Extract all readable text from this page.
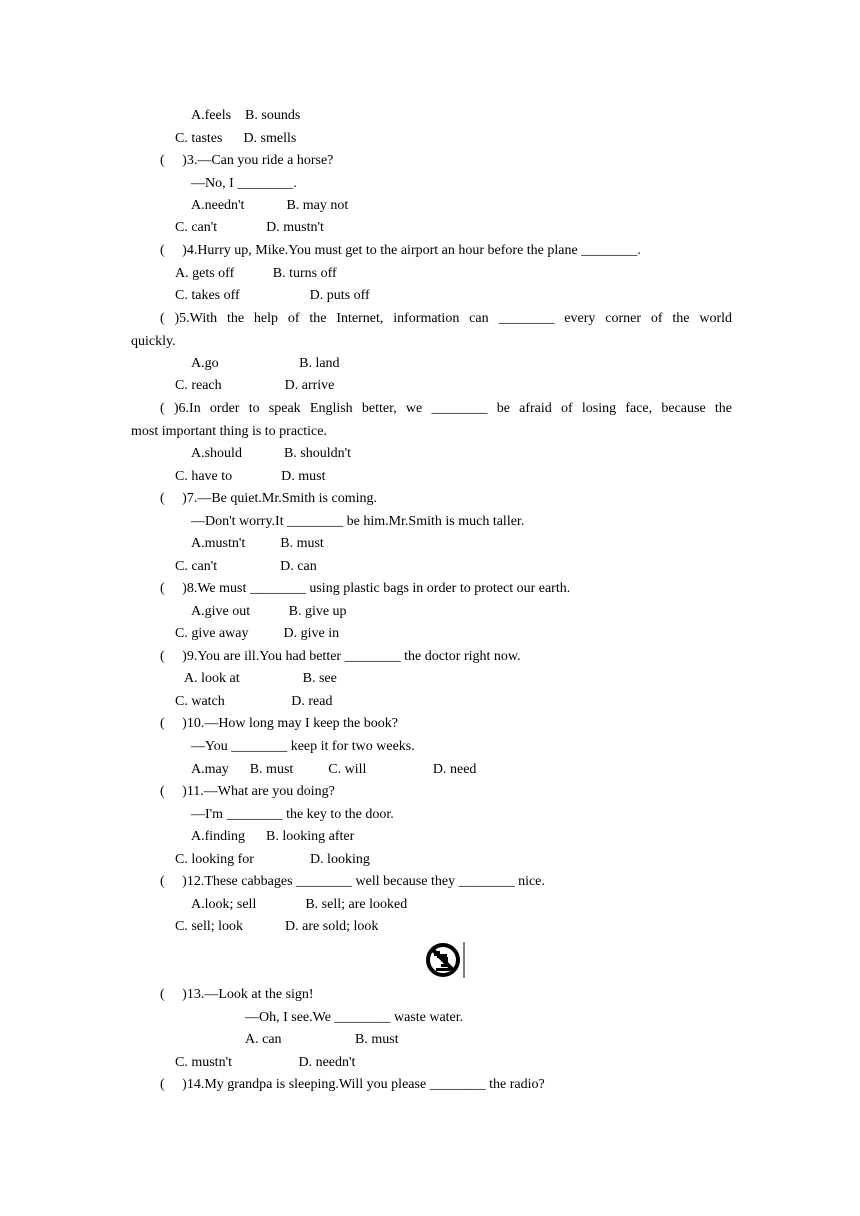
A.feels    B. sounds
C. tastes      D. smells
(     )3.—Can you ride a horse?
—No, I ________.
A.needn't            B. may not
C. can't              D. mustn't
(     )4.Hurry up, Mike.You must get to the airport an hour before the plane ________.
A. gets off           B. turns off
C. takes off                    D. puts off
( )5.With the help of the Internet, information can ________ every corner of the world
quickly.
A.go                       B. land
C. reach                  D. arrive
( )6.In order to speak English better, we ________ be afraid of losing face, because the
most important thing is to practice.
A.should            B. shouldn't
C. have to              D. must
(     )7.—Be quiet.Mr.Smith is coming.
—Don't worry.It ________ be him.Mr.Smith is much taller.
A.mustn't          B. must
C. can't                  D. can
(     )8.We must ________ using plastic bags in order to protect our earth.
A.give out           B. give up
C. give away          D. give in
(     )9.You are ill.You had better ________ the doctor right now.
A. look at                  B. see
C. watch                   D. read
(     )10.—How long may I keep the book?
—You ________ keep it for two weeks.
A.may      B. must          C. will                   D. need
(     )11.—What are you doing?
—I'm ________ the key to the door.
A.finding      B. looking after
C. looking for                D. looking
(     )12.These cabbages ________ well because they ________ nice.
A.look; sell              B. sell; are looked
C. sell; look            D. are sold; look
(     )13.—Look at the sign!
—Oh, I see.We ________ waste water.
A. can                     B. must
C. mustn't                   D. needn't
(     )14.My grandpa is sleeping.Will you please ________ the radio?
